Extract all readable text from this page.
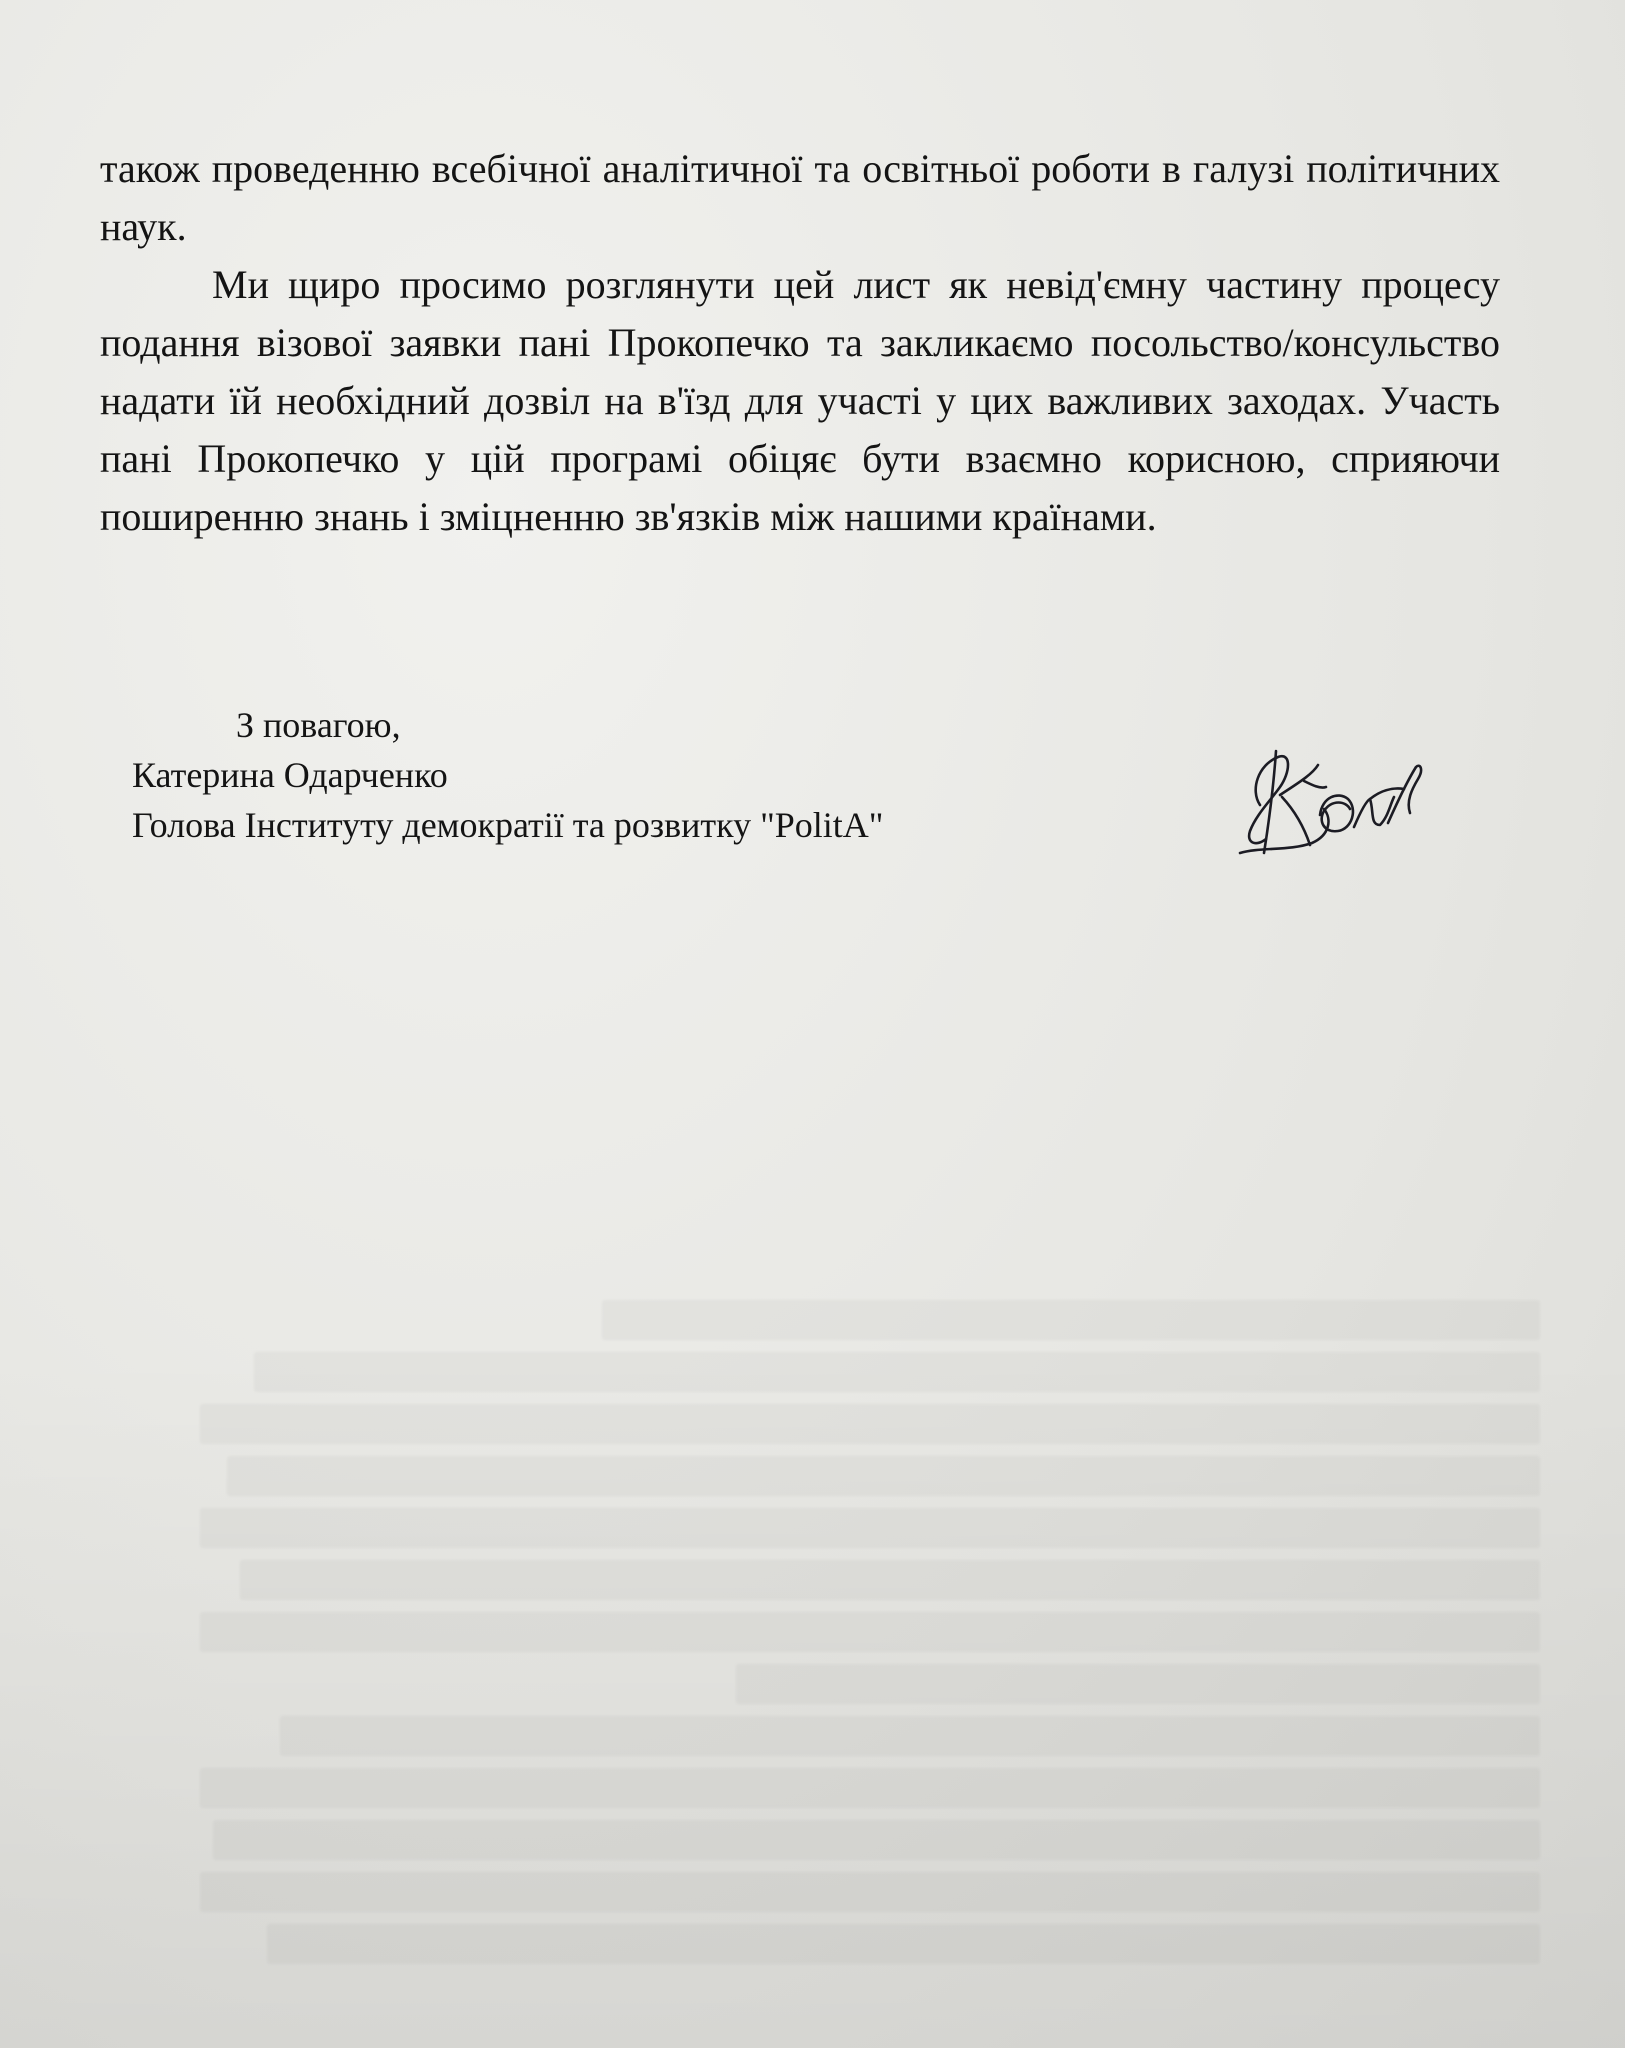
також проведенню всебічної аналітичної та освітньої роботи в галузі політичних наук.

Ми щиро просимо розглянути цей лист як невід'ємну частину процесу подання візової заявки пані Прокопечко та закликаємо посольство/консульство надати їй необхідний дозвіл на в'їзд для участі у цих важливих заходах. Участь пані Прокопечко у цій програмі обіцяє бути взаємно корисною, сприяючи поширенню знань і зміцненню зв'язків між нашими країнами.

З повагою,
Катерина Одарченко
Голова Інституту демократії та розвитку "PolitA"
